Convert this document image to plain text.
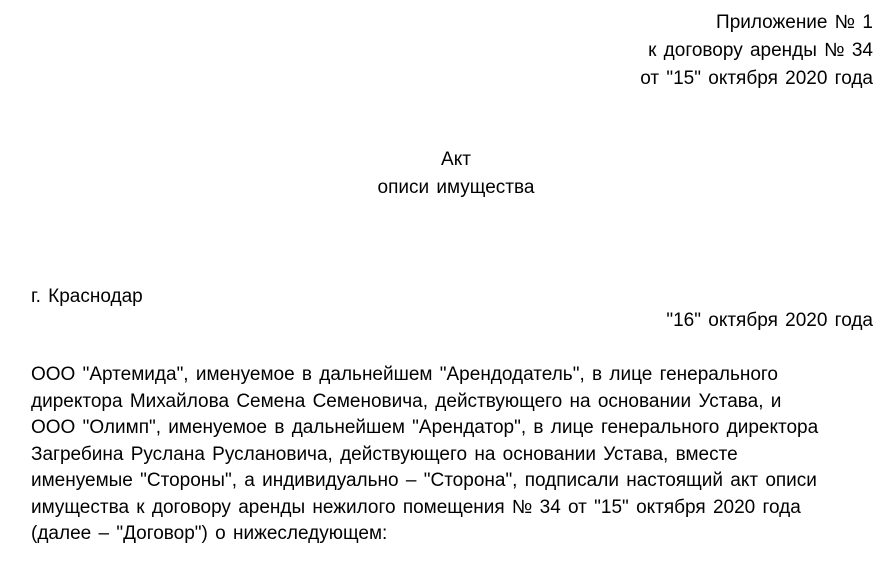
Приложение № 1
к договору аренды № 34
от "15" октября 2020 года
Акт
описи имущества
г. Краснодар
"16" октября 2020 года
ООО "Артемида", именуемое в дальнейшем "Арендодатель", в лице генерального
директора Михайлова Семена Семеновича, действующего на основании Устава, и
ООО "Олимп", именуемое в дальнейшем "Арендатор", в лице генерального директора
Загребина Руслана Руслановича, действующего на основании Устава, вместе
именуемые "Стороны", а индивидуально – "Сторона", подписали настоящий акт описи
имущества к договору аренды нежилого помещения № 34 от "15" октября 2020 года
(далее – "Договор") о нижеследующем:
